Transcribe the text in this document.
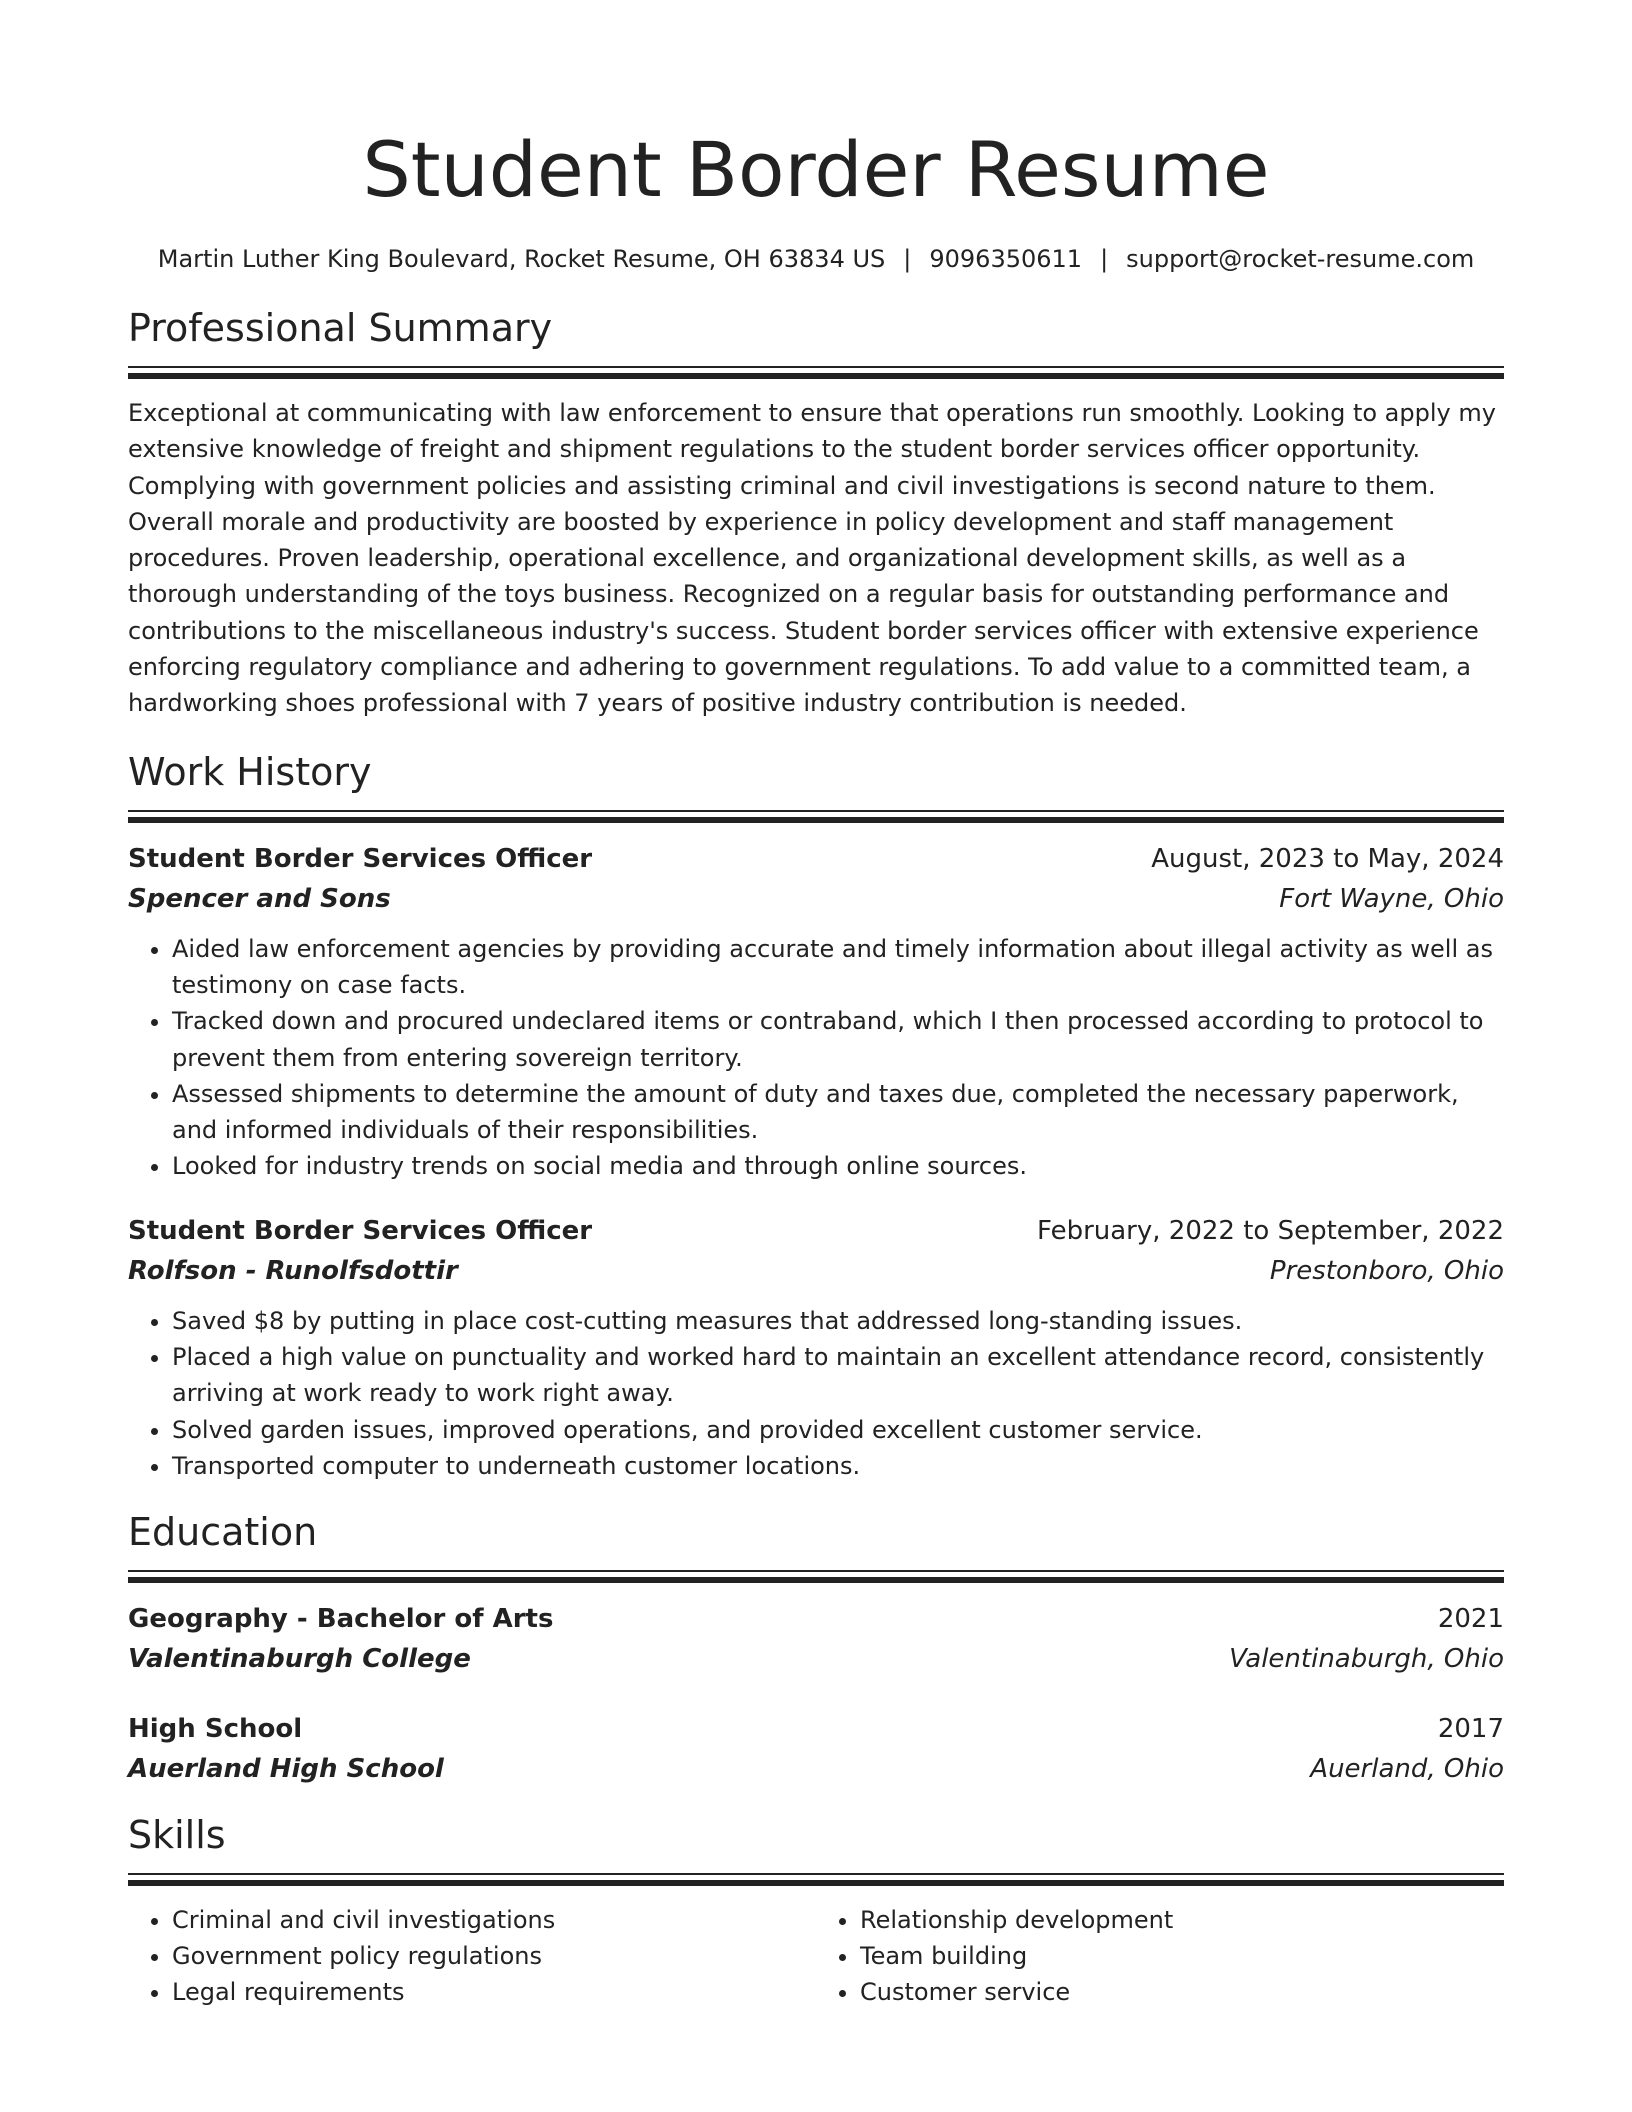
Student Border Resume
Martin Luther King Boulevard, Rocket Resume, OH 63834 US | 9096350611 | support@rocket-resume.com
Professional Summary

Exceptional at communicating with law enforcement to ensure that operations run smoothly. Looking to apply my extensive knowledge of freight and shipment regulations to the student border services officer opportunity. Complying with government policies and assisting criminal and civil investigations is second nature to them. Overall morale and productivity are boosted by experience in policy development and staff management procedures. Proven leadership, operational excellence, and organizational development skills, as well as a thorough understanding of the toys business. Recognized on a regular basis for outstanding performance and contributions to the miscellaneous industry's success. Student border services officer with extensive experience enforcing regulatory compliance and adhering to government regulations. To add value to a committed team, a hardworking shoes professional with 7 years of positive industry contribution is needed.

Work History
Student Border Services Officer	August, 2023 to May, 2024
Spencer and Sons	Fort Wayne, Ohio
• Aided law enforcement agencies by providing accurate and timely information about illegal activity as well as testimony on case facts.
• Tracked down and procured undeclared items or contraband, which I then processed according to protocol to prevent them from entering sovereign territory.
• Assessed shipments to determine the amount of duty and taxes due, completed the necessary paperwork, and informed individuals of their responsibilities.
• Looked for industry trends on social media and through online sources.
Student Border Services Officer	February, 2022 to September, 2022
Rolfson - Runolfsdottir	Prestonboro, Ohio
• Saved $8 by putting in place cost-cutting measures that addressed long-standing issues.
• Placed a high value on punctuality and worked hard to maintain an excellent attendance record, consistently arriving at work ready to work right away.
• Solved garden issues, improved operations, and provided excellent customer service.
• Transported computer to underneath customer locations.
Education
Geography - Bachelor of Arts	2021
Valentinaburgh College	Valentinaburgh, Ohio
High School	2017
Auerland High School	Auerland, Ohio
Skills
• Criminal and civil investigations
• Government policy regulations
• Legal requirements
• Relationship development
• Team building
• Customer service
